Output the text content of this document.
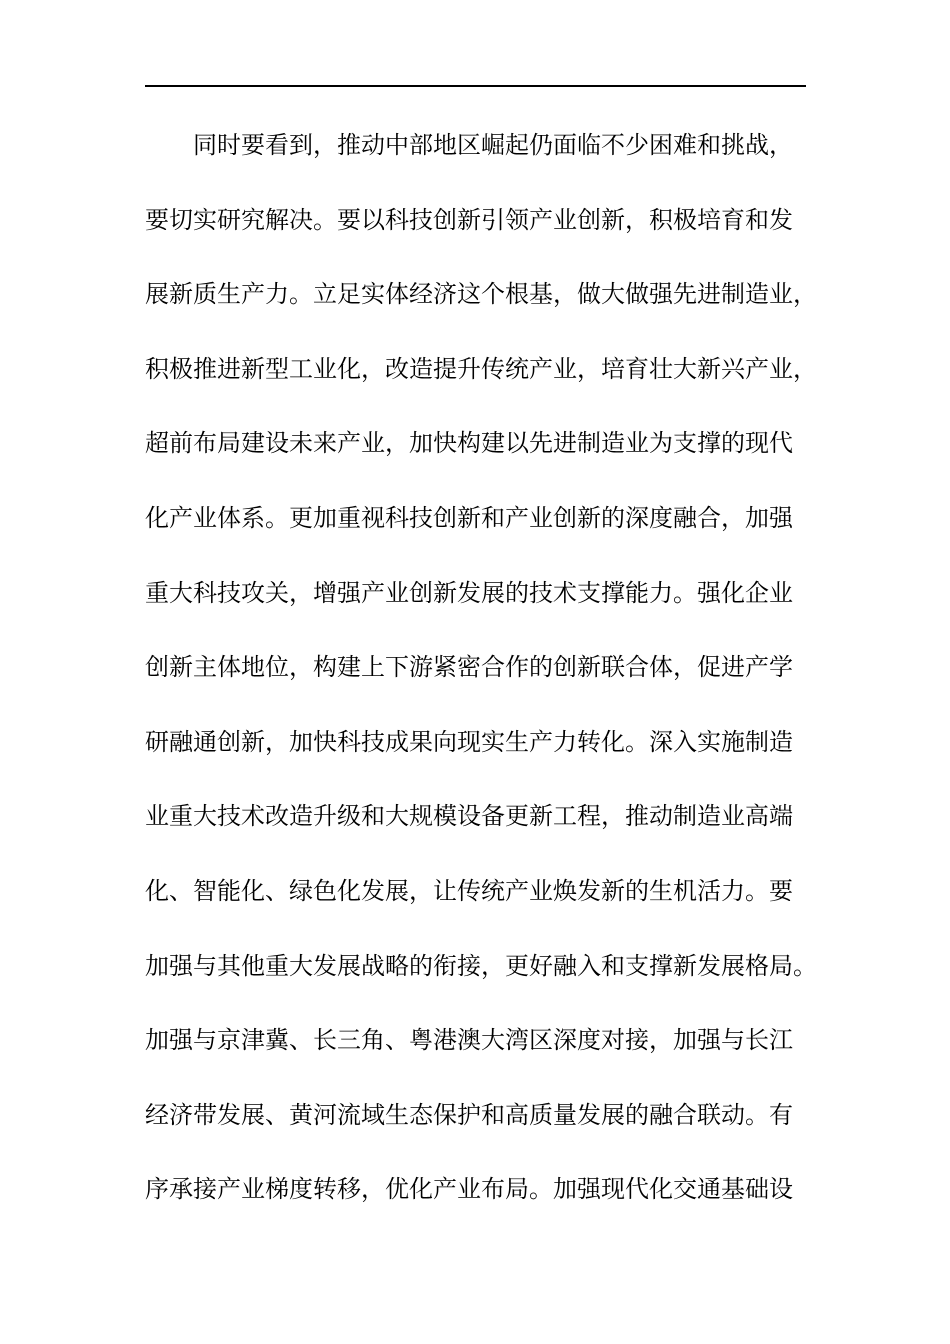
同时要看到，推动中部地区崛起仍面临不少困难和挑战，
要切实研究解决。要以科技创新引领产业创新，积极培育和发
展新质生产力。立足实体经济这个根基，做大做强先进制造业，
积极推进新型工业化，改造提升传统产业，培育壮大新兴产业，
超前布局建设未来产业，加快构建以先进制造业为支撑的现代
化产业体系。更加重视科技创新和产业创新的深度融合，加强
重大科技攻关，增强产业创新发展的技术支撑能力。强化企业
创新主体地位，构建上下游紧密合作的创新联合体，促进产学
研融通创新，加快科技成果向现实生产力转化。深入实施制造
业重大技术改造升级和大规模设备更新工程，推动制造业高端
化、智能化、绿色化发展，让传统产业焕发新的生机活力。要
加强与其他重大发展战略的衔接，更好融入和支撑新发展格局。
加强与京津冀、长三角、粤港澳大湾区深度对接，加强与长江
经济带发展、黄河流域生态保护和高质量发展的融合联动。有
序承接产业梯度转移，优化产业布局。加强现代化交通基础设
